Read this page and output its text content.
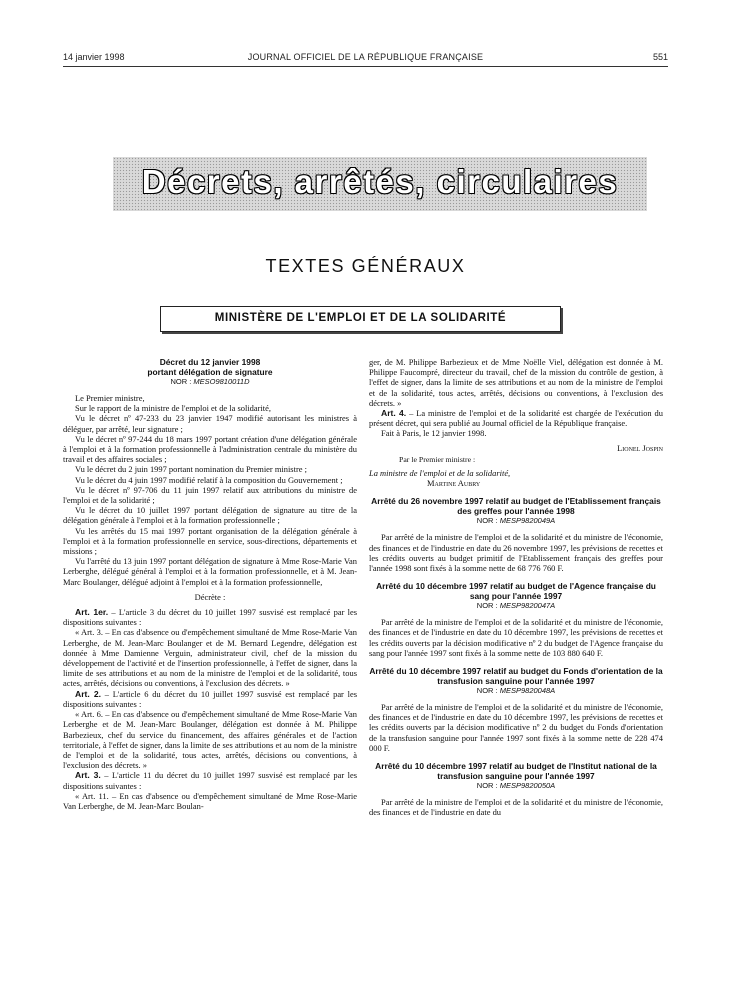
14 janvier 1998	JOURNAL OFFICIEL DE LA RÉPUBLIQUE FRANÇAISE	551
Décrets, arrêtés, circulaires
TEXTES GÉNÉRAUX
MINISTÈRE DE L'EMPLOI ET DE LA SOLIDARITÉ
Décret du 12 janvier 1998
portant délégation de signature
NOR : MESO9810011D

Le Premier ministre,

Sur le rapport de la ministre de l'emploi et de la solidarité,

Vu le décret nº 47-233 du 23 janvier 1947 modifié autorisant les ministres à déléguer, par arrêté, leur signature ;

Vu le décret nº 97-244 du 18 mars 1997 portant création d'une délégation générale à l'emploi et à la formation professionnelle à l'administration centrale du ministère du travail et des affaires sociales ;

Vu le décret du 2 juin 1997 portant nomination du Premier ministre ;

Vu le décret du 4 juin 1997 modifié relatif à la composition du Gouvernement ;

Vu le décret nº 97-706 du 11 juin 1997 relatif aux attributions du ministre de l'emploi et de la solidarité ;

Vu le décret du 10 juillet 1997 portant délégation de signature au titre de la délégation générale à l'emploi et à la formation professionnelle ;

Vu les arrêtés du 15 mai 1997 portant organisation de la délégation générale à l'emploi et à la formation professionnelle en service, sous-directions, départements et missions ;

Vu l'arrêté du 13 juin 1997 portant délégation de signature à Mme Rose-Marie Van Lerberghe, délégué général à l'emploi et à la formation professionnelle, et à M. Jean-Marc Boulanger, délégué adjoint à l'emploi et à la formation professionnelle,

Décrète :

Art. 1er. – L'article 3 du décret du 10 juillet 1997 susvisé est remplacé par les dispositions suivantes :

« Art. 3. – En cas d'absence ou d'empêchement simultané de Mme Rose-Marie Van Lerberghe, de M. Jean-Marc Boulanger et de M. Bernard Legendre, délégation est donnée à Mme Damienne Verguin, administrateur civil, chef de la mission du développement de l'activité et de l'insertion professionnelle, à l'effet de signer, dans la limite de ses attributions et au nom de la ministre de l'emploi et de la solidarité, tous actes, arrêtés, décisions ou conventions, à l'exclusion des décrets. »

Art. 2. – L'article 6 du décret du 10 juillet 1997 susvisé est remplacé par les dispositions suivantes :

« Art. 6. – En cas d'absence ou d'empêchement simultané de Mme Rose-Marie Van Lerberghe et de M. Jean-Marc Boulanger, délégation est donnée à M. Philippe Barbezieux, chef du service du financement, des affaires générales et de l'action territoriale, à l'effet de signer, dans la limite de ses attributions et au nom de la ministre de l'emploi et de la solidarité, tous actes, arrêtés, décisions ou conventions, à l'exclusion des décrets. »

Art. 3. – L'article 11 du décret du 10 juillet 1997 susvisé est remplacé par les dispositions suivantes :

« Art. 11. – En cas d'absence ou d'empêchement simultané de Mme Rose-Marie Van Lerberghe, de M. Jean-Marc Boulan-

ger, de M. Philippe Barbezieux et de Mme Noëlle Viel, délégation est donnée à M. Philippe Faucompré, directeur du travail, chef de la mission du contrôle de gestion, à l'effet de signer, dans la limite de ses attributions et au nom de la ministre de l'emploi et de la solidarité, tous actes, arrêtés, décisions ou conventions, à l'exclusion des décrets. »

Art. 4. – La ministre de l'emploi et de la solidarité est chargée de l'exécution du présent décret, qui sera publié au Journal officiel de la République française.

Fait à Paris, le 12 janvier 1998.

Lionel Jospin

Par le Premier ministre :

La ministre de l'emploi et de la solidarité,

Martine Aubry

Arrêté du 26 novembre 1997 relatif au budget de l'Etablissement français des greffes pour l'année 1998
NOR : MESP9820049A

Par arrêté de la ministre de l'emploi et de la solidarité et du ministre de l'économie, des finances et de l'industrie en date du 26 novembre 1997, les prévisions de recettes et les crédits ouverts au budget primitif de l'Etablissement français des greffes pour l'année 1998 sont fixés à la somme nette de 68 776 760 F.

Arrêté du 10 décembre 1997 relatif au budget de l'Agence française du sang pour l'année 1997
NOR : MESP9820047A

Par arrêté de la ministre de l'emploi et de la solidarité et du ministre de l'économie, des finances et de l'industrie en date du 10 décembre 1997, les prévisions de recettes et les crédits ouverts par la décision modificative nº 2 du budget de l'Agence française du sang pour l'année 1997 sont fixés à la somme nette de 103 880 640 F.

Arrêté du 10 décembre 1997 relatif au budget du Fonds d'orientation de la transfusion sanguine pour l'année 1997
NOR : MESP9820048A

Par arrêté de la ministre de l'emploi et de la solidarité et du ministre de l'économie, des finances et de l'industrie en date du 10 décembre 1997, les prévisions de recettes et les crédits ouverts par la décision modificative nº 2 du budget du Fonds d'orientation de la transfusion sanguine pour l'année 1997 sont fixés à la somme nette de 228 474 000 F.

Arrêté du 10 décembre 1997 relatif au budget de l'Institut national de la transfusion sanguine pour l'année 1997
NOR : MESP9820050A

Par arrêté de la ministre de l'emploi et de la solidarité et du ministre de l'économie, des finances et de l'industrie en date du
